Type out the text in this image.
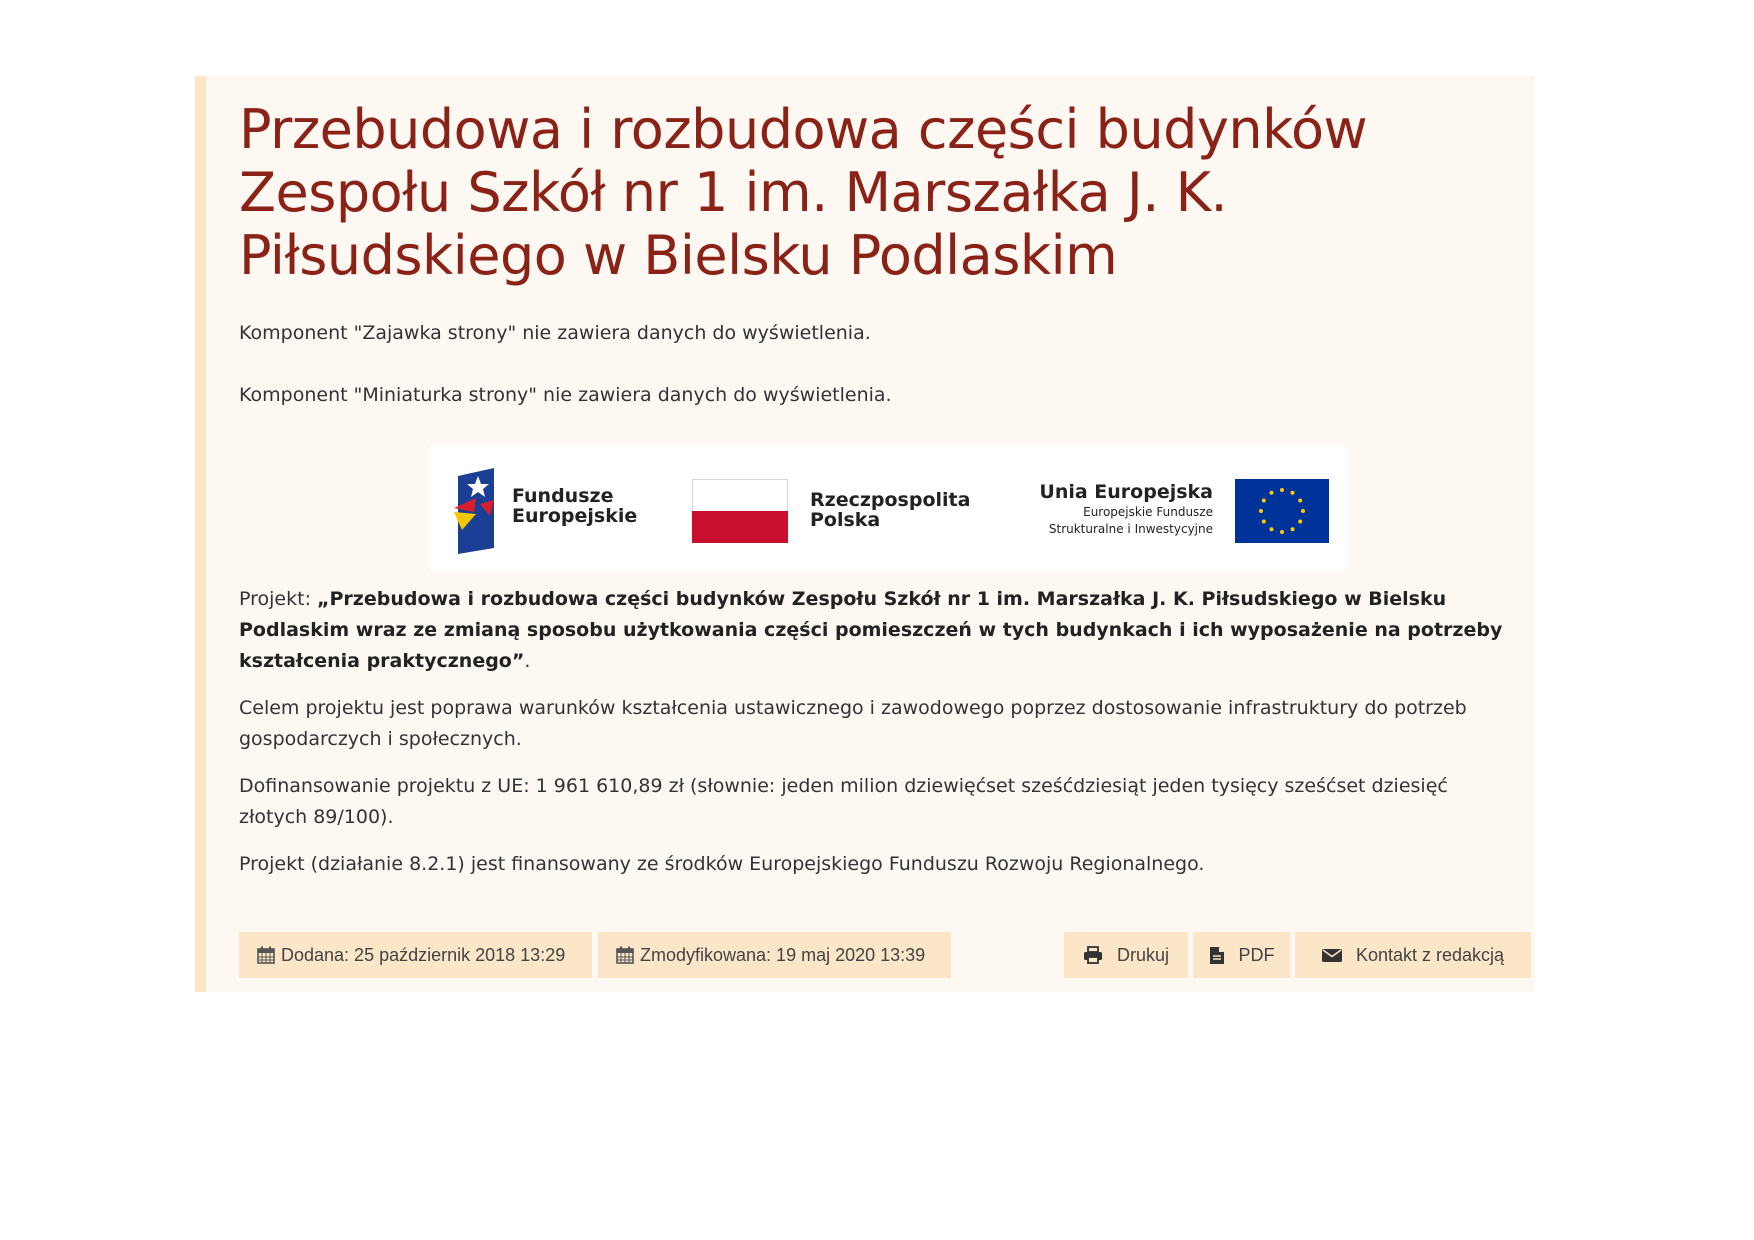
Przebudowa i rozbudowa części budynków Zespołu Szkół nr 1 im. Marszałka J. K. Piłsudskiego w Bielsku Podlaskim

Komponent "Zajawka strony" nie zawiera danych do wyświetlenia.

Komponent "Miniaturka strony" nie zawiera danych do wyświetlenia.

Fundusze
Europejskie
Rzeczpospolita
Polska
Unia Europejska
Europejskie Fundusze
Strukturalne i Inwestycyjne

Projekt: „Przebudowa i rozbudowa części budynków Zespołu Szkół nr 1 im. Marszałka J. K. Piłsudskiego w Bielsku Podlaskim wraz ze zmianą sposobu użytkowania części pomieszczeń w tych budynkach i ich wyposażenie na potrzeby kształcenia praktycznego”.

Celem projektu jest poprawa warunków kształcenia ustawicznego i zawodowego poprzez dostosowanie infrastruktury do potrzeb gospodarczych i społecznych.

Dofinansowanie projektu z UE: 1 961 610,89 zł (słownie: jeden milion dziewięćset sześćdziesiąt jeden tysięcy sześćset dziesięć złotych 89/100).

Projekt (działanie 8.2.1) jest finansowany ze środków Europejskiego Funduszu Rozwoju Regionalnego.

Dodana: 25 październik 2018 13:29	Zmodyfikowana: 19 maj 2020 13:39	Drukuj	PDF	Kontakt z redakcją
